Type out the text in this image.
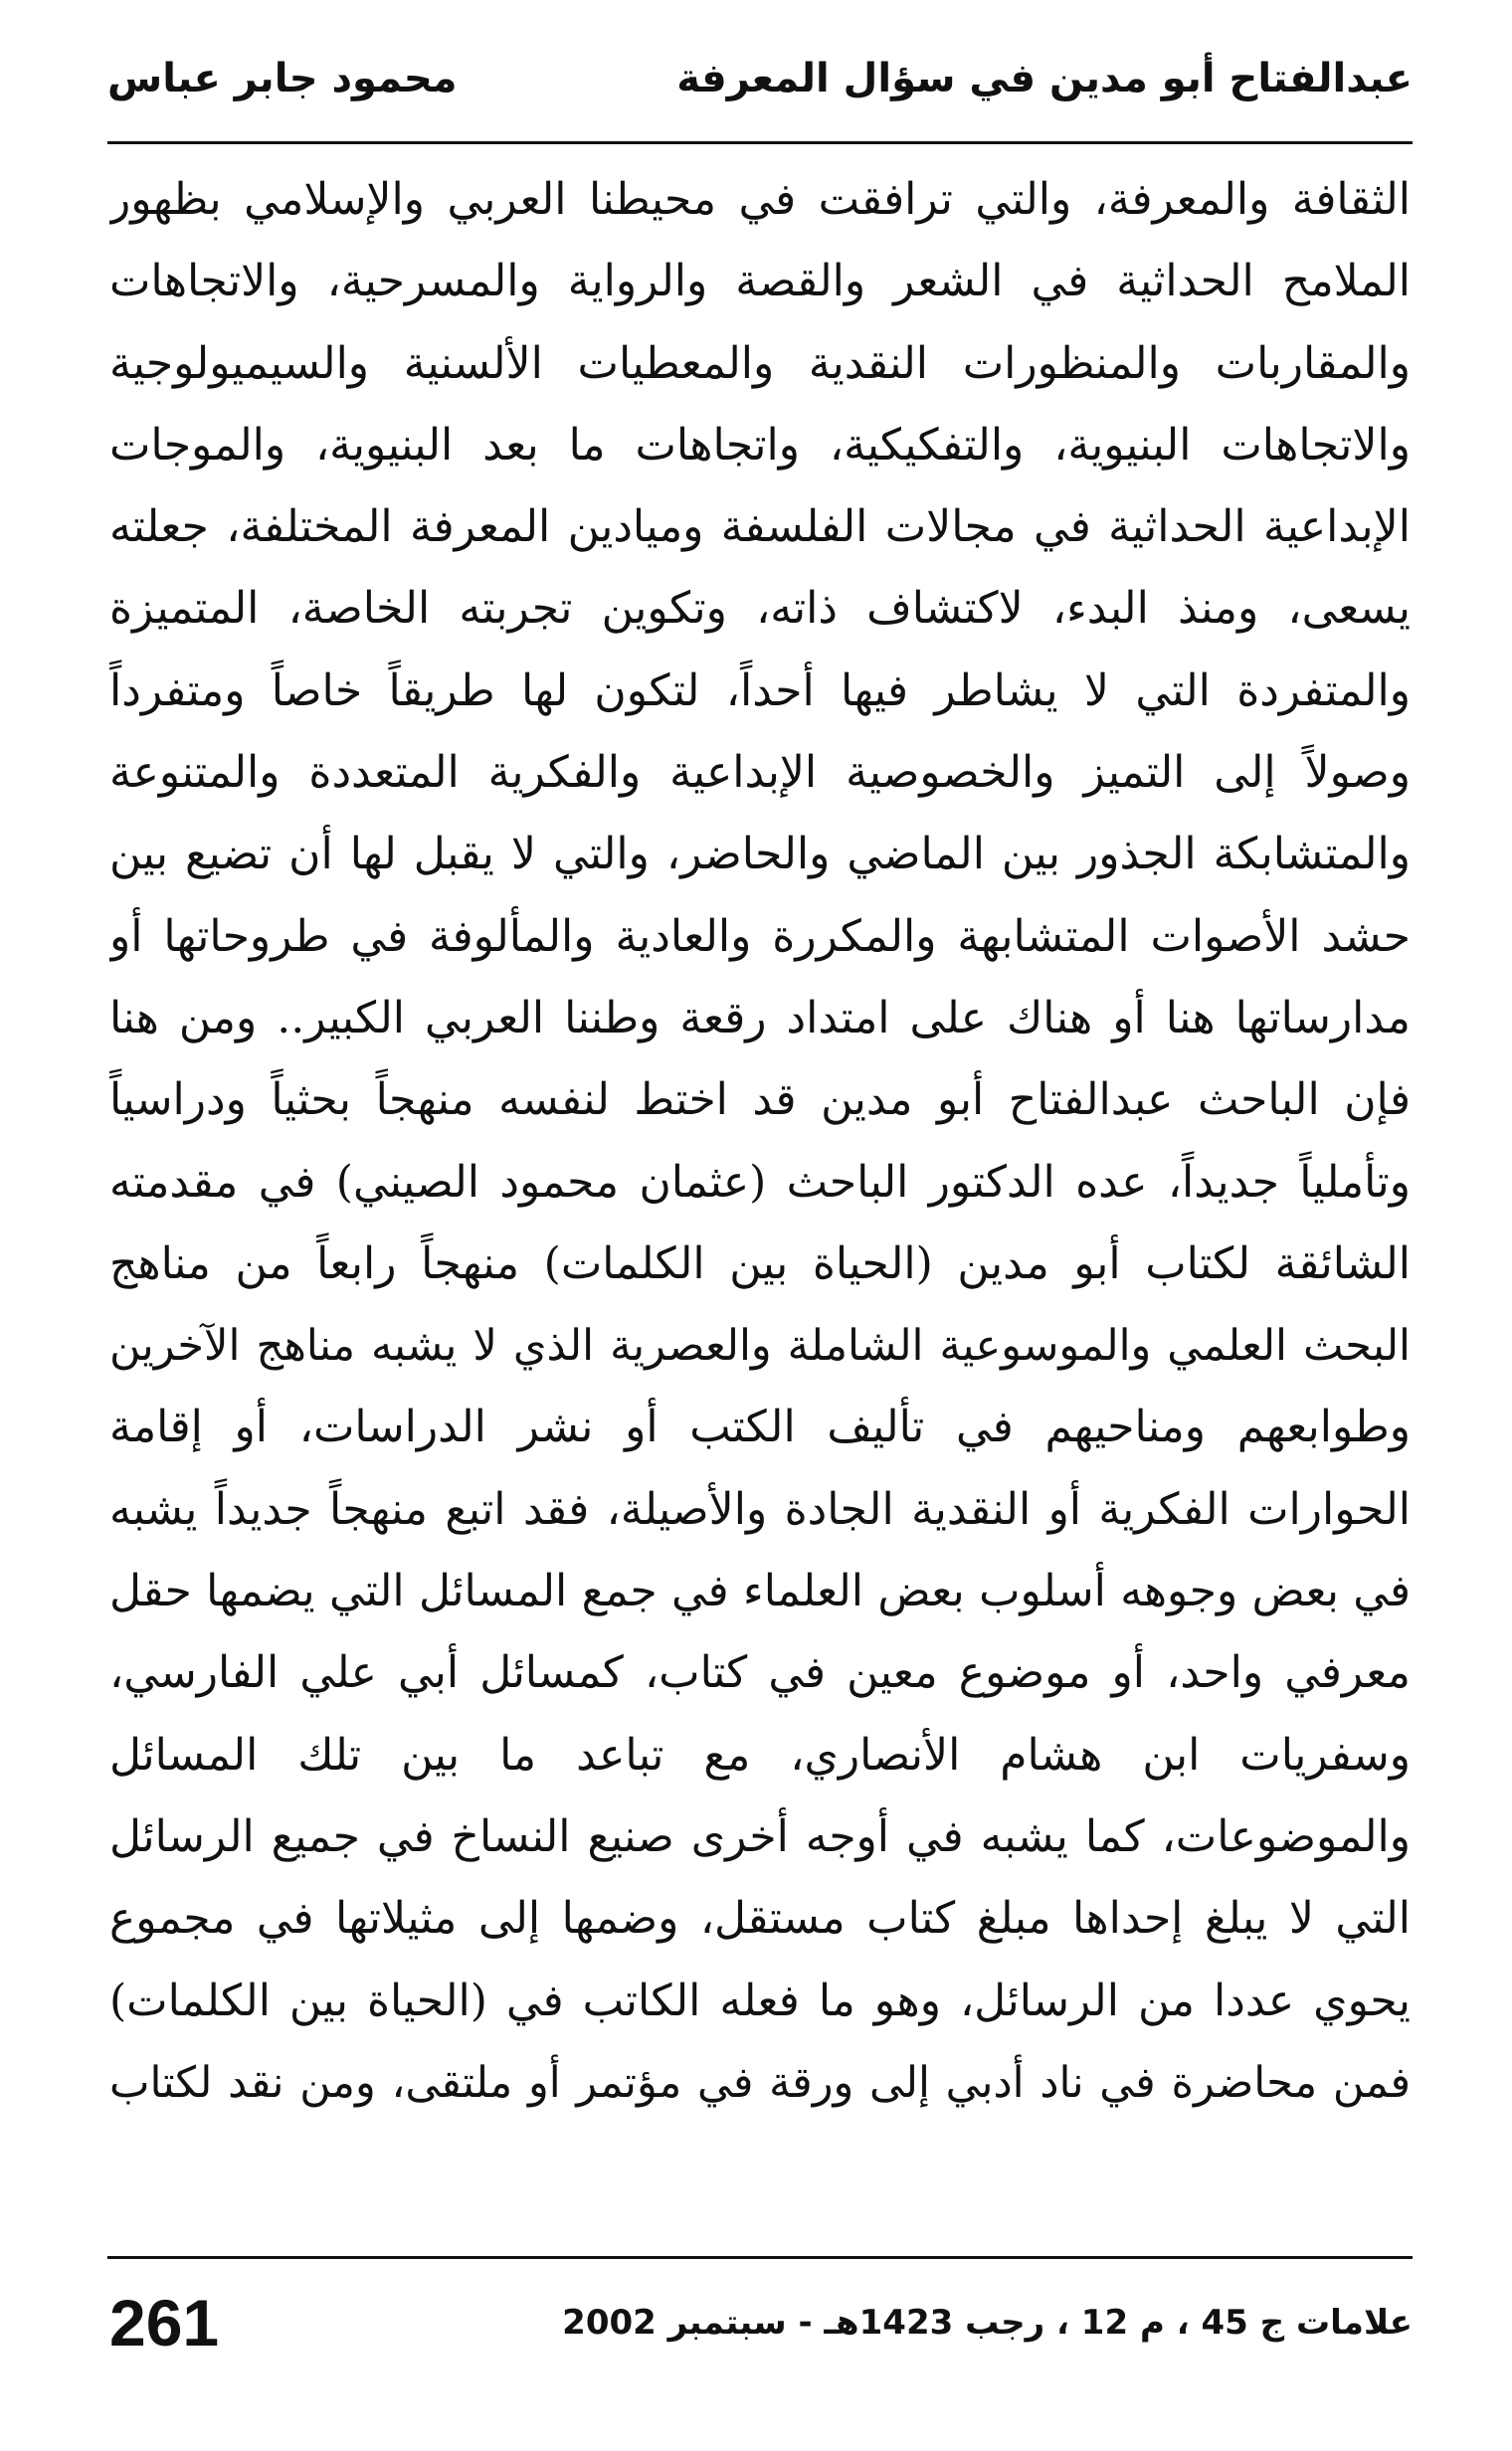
عبدالفتاح أبو مدين في سؤال المعرفة
محمود جابر عباس
الثقافة والمعرفة، والتي ترافقت في محيطنا العربي والإسلامي بظهور
الملامح الحداثية في الشعر والقصة والرواية والمسرحية، والاتجاهات
والمقاربات والمنظورات النقدية والمعطيات الألسنية والسيميولوجية
والاتجاهات البنيوية، والتفكيكية، واتجاهات ما بعد البنيوية، والموجات
الإبداعية الحداثية في مجالات الفلسفة وميادين المعرفة المختلفة، جعلته
يسعى، ومنذ البدء، لاكتشاف ذاته، وتكوين تجربته الخاصة، المتميزة
والمتفردة التي لا يشاطر فيها أحداً، لتكون لها طريقاً خاصاً ومتفرداً
وصولاً إلى التميز والخصوصية الإبداعية والفكرية المتعددة والمتنوعة
والمتشابكة الجذور بين الماضي والحاضر، والتي لا يقبل لها أن تضيع بين
حشد الأصوات المتشابهة والمكررة والعادية والمألوفة في طروحاتها أو
مدارساتها هنا أو هناك على امتداد رقعة وطننا العربي الكبير.. ومن هنا
فإن الباحث عبدالفتاح أبو مدين قد اختط لنفسه منهجاً بحثياً ودراسياً
وتأملياً جديداً، عده الدكتور الباحث (عثمان محمود الصيني) في مقدمته
الشائقة لكتاب أبو مدين (الحياة بين الكلمات) منهجاً رابعاً من مناهج
البحث العلمي والموسوعية الشاملة والعصرية الذي لا يشبه مناهج الآخرين
وطوابعهم ومناحيهم في تأليف الكتب أو نشر الدراسات، أو إقامة
الحوارات الفكرية أو النقدية الجادة والأصيلة، فقد اتبع منهجاً جديداً يشبه
في بعض وجوهه أسلوب بعض العلماء في جمع المسائل التي يضمها حقل
معرفي واحد، أو موضوع معين في كتاب، كمسائل أبي علي الفارسي،
وسفريات ابن هشام الأنصاري، مع تباعد ما بين تلك المسائل
والموضوعات، كما يشبه في أوجه أخرى صنيع النساخ في جميع الرسائل
التي لا يبلغ إحداها مبلغ كتاب مستقل، وضمها إلى مثيلاتها في مجموع
يحوي عددا من الرسائل، وهو ما فعله الكاتب في (الحياة بين الكلمات)
فمن محاضرة في ناد أدبي إلى ورقة في مؤتمر أو ملتقى، ومن نقد لكتاب
261	علامات ج 45 ، م 12 ، رجب 1423هـ - سبتمبر 2002
